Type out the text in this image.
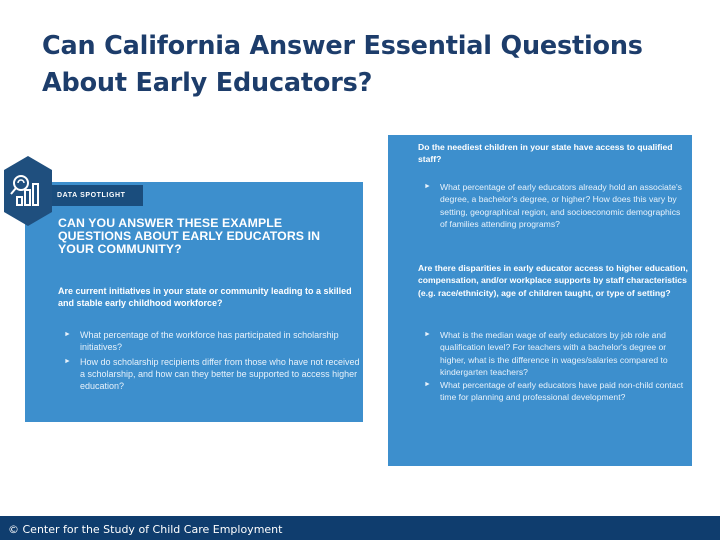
Can California Answer Essential Questions
About Early Educators?
DATA SPOTLIGHT
CAN YOU ANSWER THESE EXAMPLE QUESTIONS ABOUT EARLY EDUCATORS IN YOUR COMMUNITY?
Are current initiatives in your state or community leading to a skilled and stable early childhood workforce?
► What percentage of the workforce has participated in scholarship initiatives?
► How do scholarship recipients differ from those who have not received a scholarship, and how can they better be supported to access higher education?
Do the neediest children in your state have access to qualified staff?
► What percentage of early educators already hold an associate's degree, a bachelor's degree, or higher? How does this vary by setting, geographical region, and socioeconomic demographics of families attending programs?
Are there disparities in early educator access to higher education, compensation, and/or workplace supports by staff characteristics (e.g. race/ethnicity), age of children taught, or type of setting?
► What is the median wage of early educators by job role and qualification level? For teachers with a bachelor's degree or higher, what is the difference in wages/salaries compared to kindergarten teachers?
► What percentage of early educators have paid non-child contact time for planning and professional development?
© Center for the Study of Child Care Employment
